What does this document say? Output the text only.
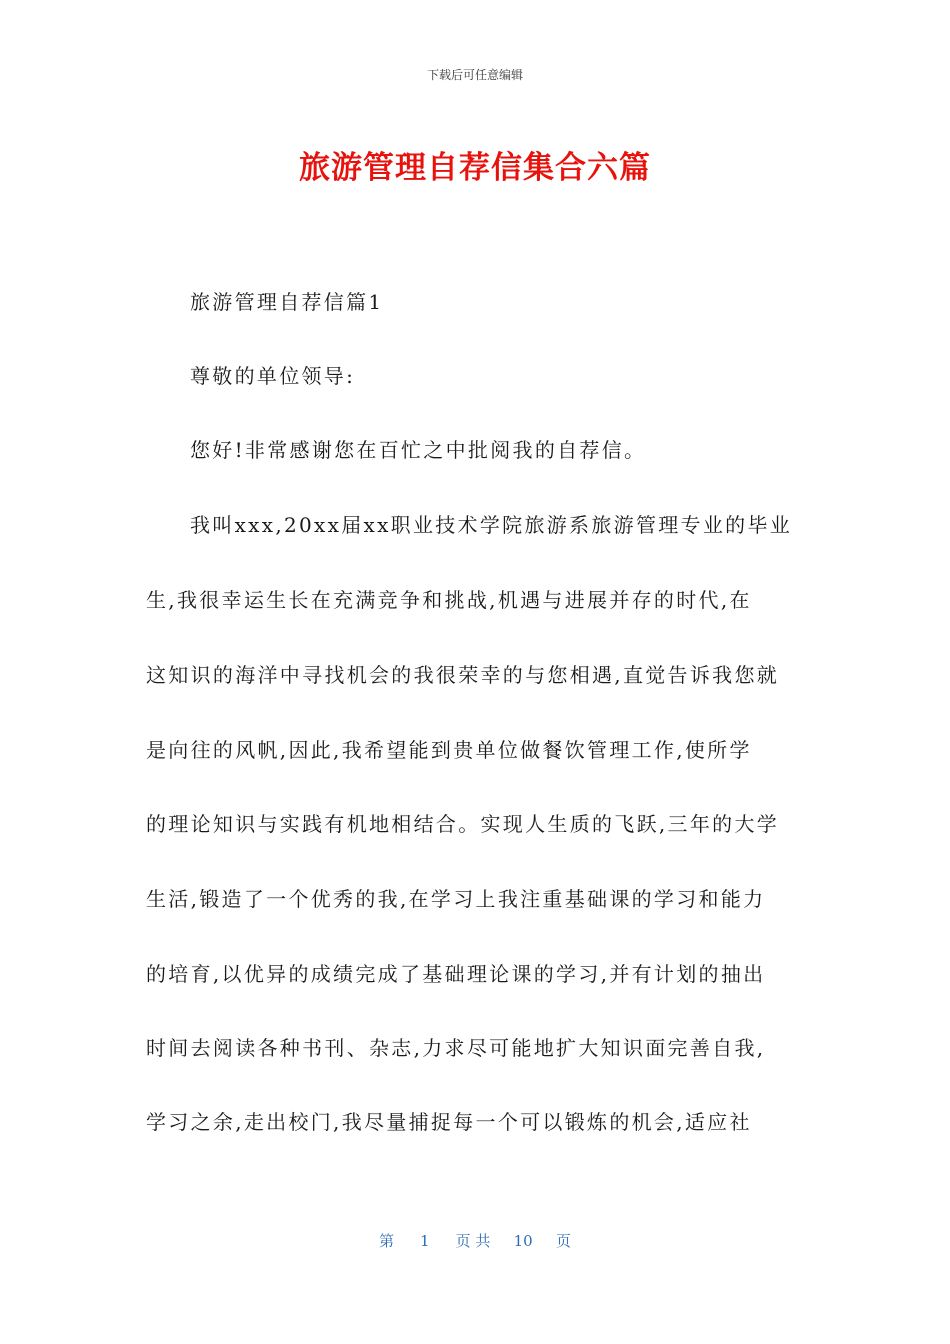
下载后可任意编辑
旅游管理自荐信集合六篇
旅游管理自荐信篇1
尊敬的单位领导:
您好!非常感谢您在百忙之中批阅我的自荐信。
我叫xxx,20xx届xx职业技术学院旅游系旅游管理专业的毕业
生,我很幸运生长在充满竞争和挑战,机遇与进展并存的时代,在
这知识的海洋中寻找机会的我很荣幸的与您相遇,直觉告诉我您就
是向往的风帆,因此,我希望能到贵单位做餐饮管理工作,使所学
的理论知识与实践有机地相结合。实现人生质的飞跃,三年的大学
生活,锻造了一个优秀的我,在学习上我注重基础课的学习和能力
的培育,以优异的成绩完成了基础理论课的学习,并有计划的抽出
时间去阅读各种书刊、杂志,力求尽可能地扩大知识面完善自我,
学习之余,走出校门,我尽量捕捉每一个可以锻炼的机会,适应社
第 1 页 共 10 页
